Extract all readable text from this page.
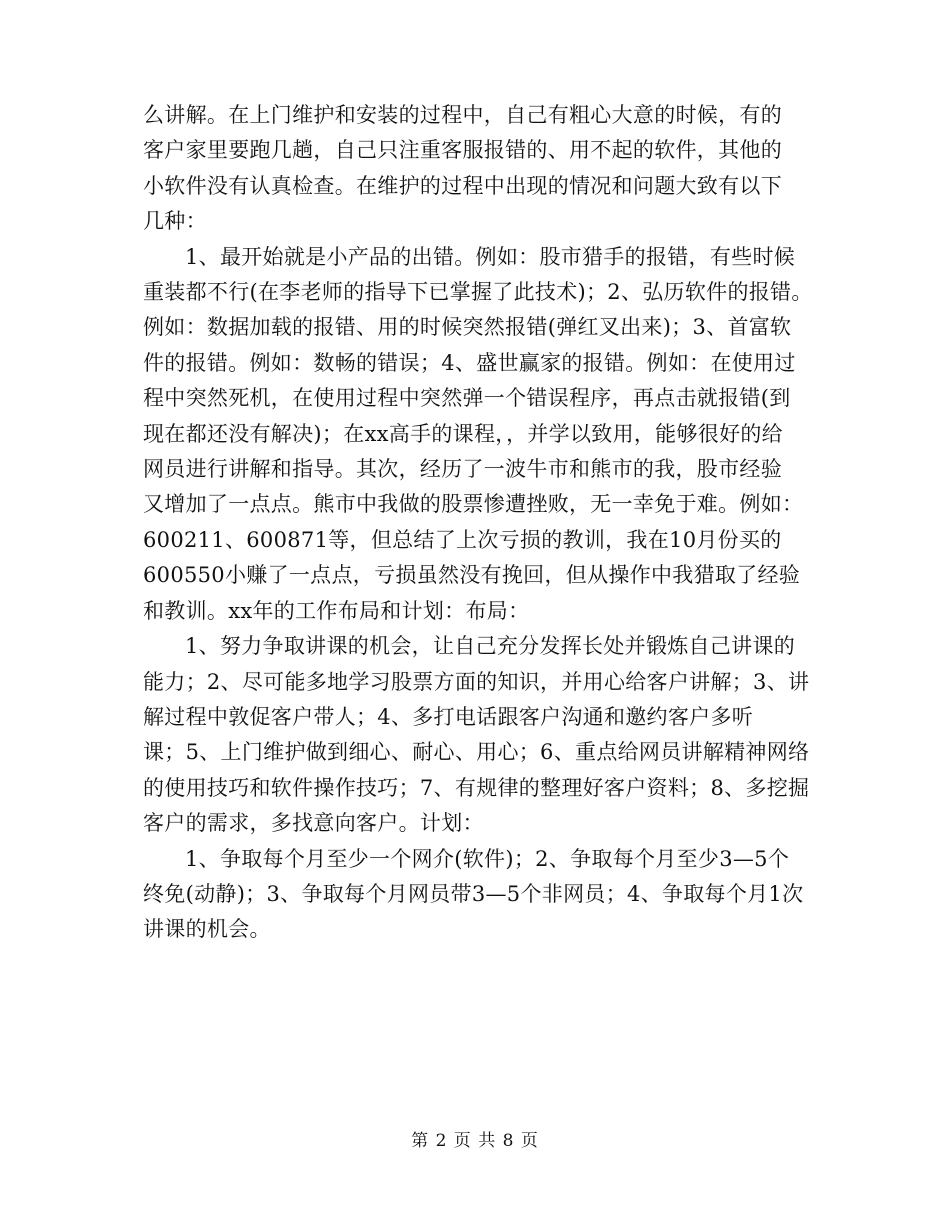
么讲解。在上门维护和安装的过程中，自己有粗心大意的时候，有的
客户家里要跑几趟，自己只注重客服报错的、用不起的软件，其他的
小软件没有认真检查。在维护的过程中出现的情况和问题大致有以下
几种：

1、最开始就是小产品的出错。例如：股市猎手的报错，有些时候
重装都不行(在李老师的指导下已掌握了此技术)；2、弘历软件的报错。
例如：数据加载的报错、用的时候突然报错(弹红叉出来)；3、首富软
件的报错。例如：数畅的错误；4、盛世赢家的报错。例如：在使用过
程中突然死机，在使用过程中突然弹一个错误程序，再点击就报错(到
现在都还没有解决)；在xx高手的课程，，并学以致用，能够很好的给
网员进行讲解和指导。其次，经历了一波牛市和熊市的我，股市经验
又增加了一点点。熊市中我做的股票惨遭挫败，无一幸免于难。例如：
600211、600871等，但总结了上次亏损的教训，我在10月份买的
600550小赚了一点点，亏损虽然没有挽回，但从操作中我猎取了经验
和教训。xx年的工作布局和计划：布局：

1、努力争取讲课的机会，让自己充分发挥长处并锻炼自己讲课的
能力；2、尽可能多地学习股票方面的知识，并用心给客户讲解；3、讲
解过程中敦促客户带人；4、多打电话跟客户沟通和邀约客户多听
课；5、上门维护做到细心、耐心、用心；6、重点给网员讲解精神网络
的使用技巧和软件操作技巧；7、有规律的整理好客户资料；8、多挖掘
客户的需求，多找意向客户。计划：

1、争取每个月至少一个网介(软件)；2、争取每个月至少3—5个
终免(动静)；3、争取每个月网员带3—5个非网员；4、争取每个月1次
讲课的机会。

第 2 页 共 8 页
